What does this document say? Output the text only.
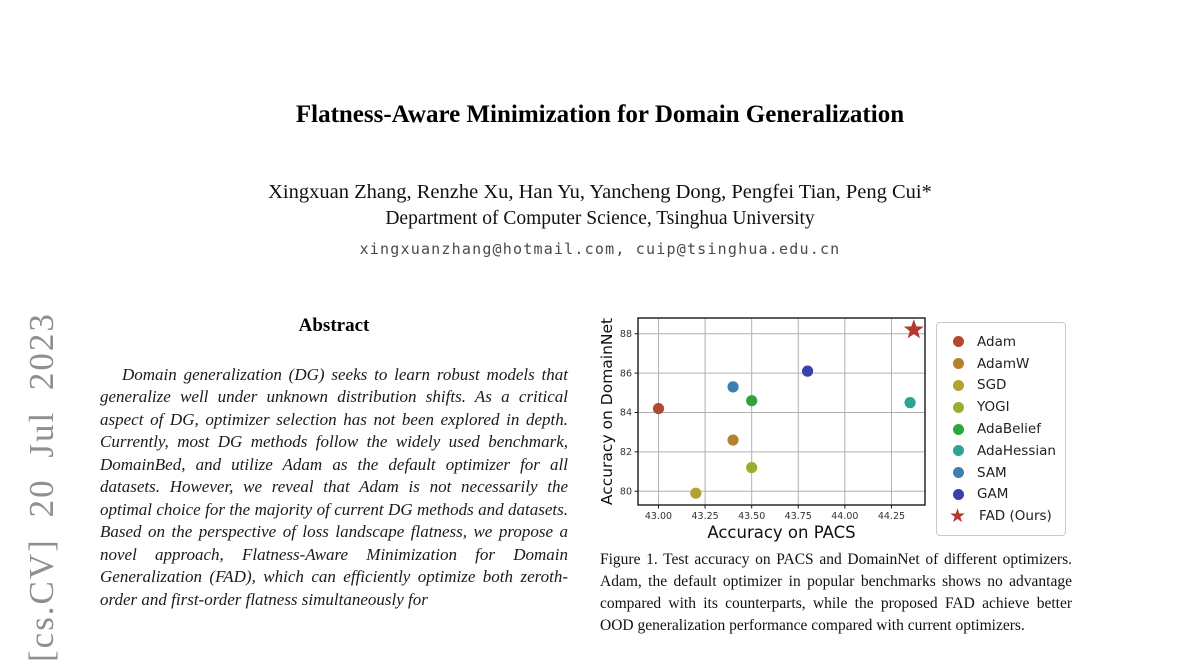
[cs.CV] 20 Jul 2023
Flatness-Aware Minimization for Domain Generalization
Xingxuan Zhang, Renzhe Xu, Han Yu, Yancheng Dong, Pengfei Tian, Peng Cui*
Department of Computer Science, Tsinghua University
xingxuanzhang@hotmail.com, cuip@tsinghua.edu.cn
Abstract
Domain generalization (DG) seeks to learn robust models that generalize well under unknown distribution shifts. As a critical aspect of DG, optimizer selection has not been explored in depth. Currently, most DG methods follow the widely used benchmark, DomainBed, and utilize Adam as the default optimizer for all datasets. However, we reveal that Adam is not necessarily the optimal choice for the majority of current DG methods and datasets. Based on the perspective of loss landscape flatness, we propose a novel approach, Flatness-Aware Minimization for Domain Generalization (FAD), which can efficiently optimize both zeroth-order and first-order flatness simultaneously for
43.00 43.25 43.50 43.75 44.00 44.25
80
82
84
86
88
Accuracy on PACS
Accuracy on DomainNet	Adam
AdamW
SGD
YOGI
AdaBelief
AdaHessian
SAM
GAM
★ FAD (Ours)
Figure 1. Test accuracy on PACS and DomainNet of different optimizers. Adam, the default optimizer in popular benchmarks shows no advantage compared with its counterparts, while the proposed FAD achieve better OOD generalization performance compared with current optimizers.
